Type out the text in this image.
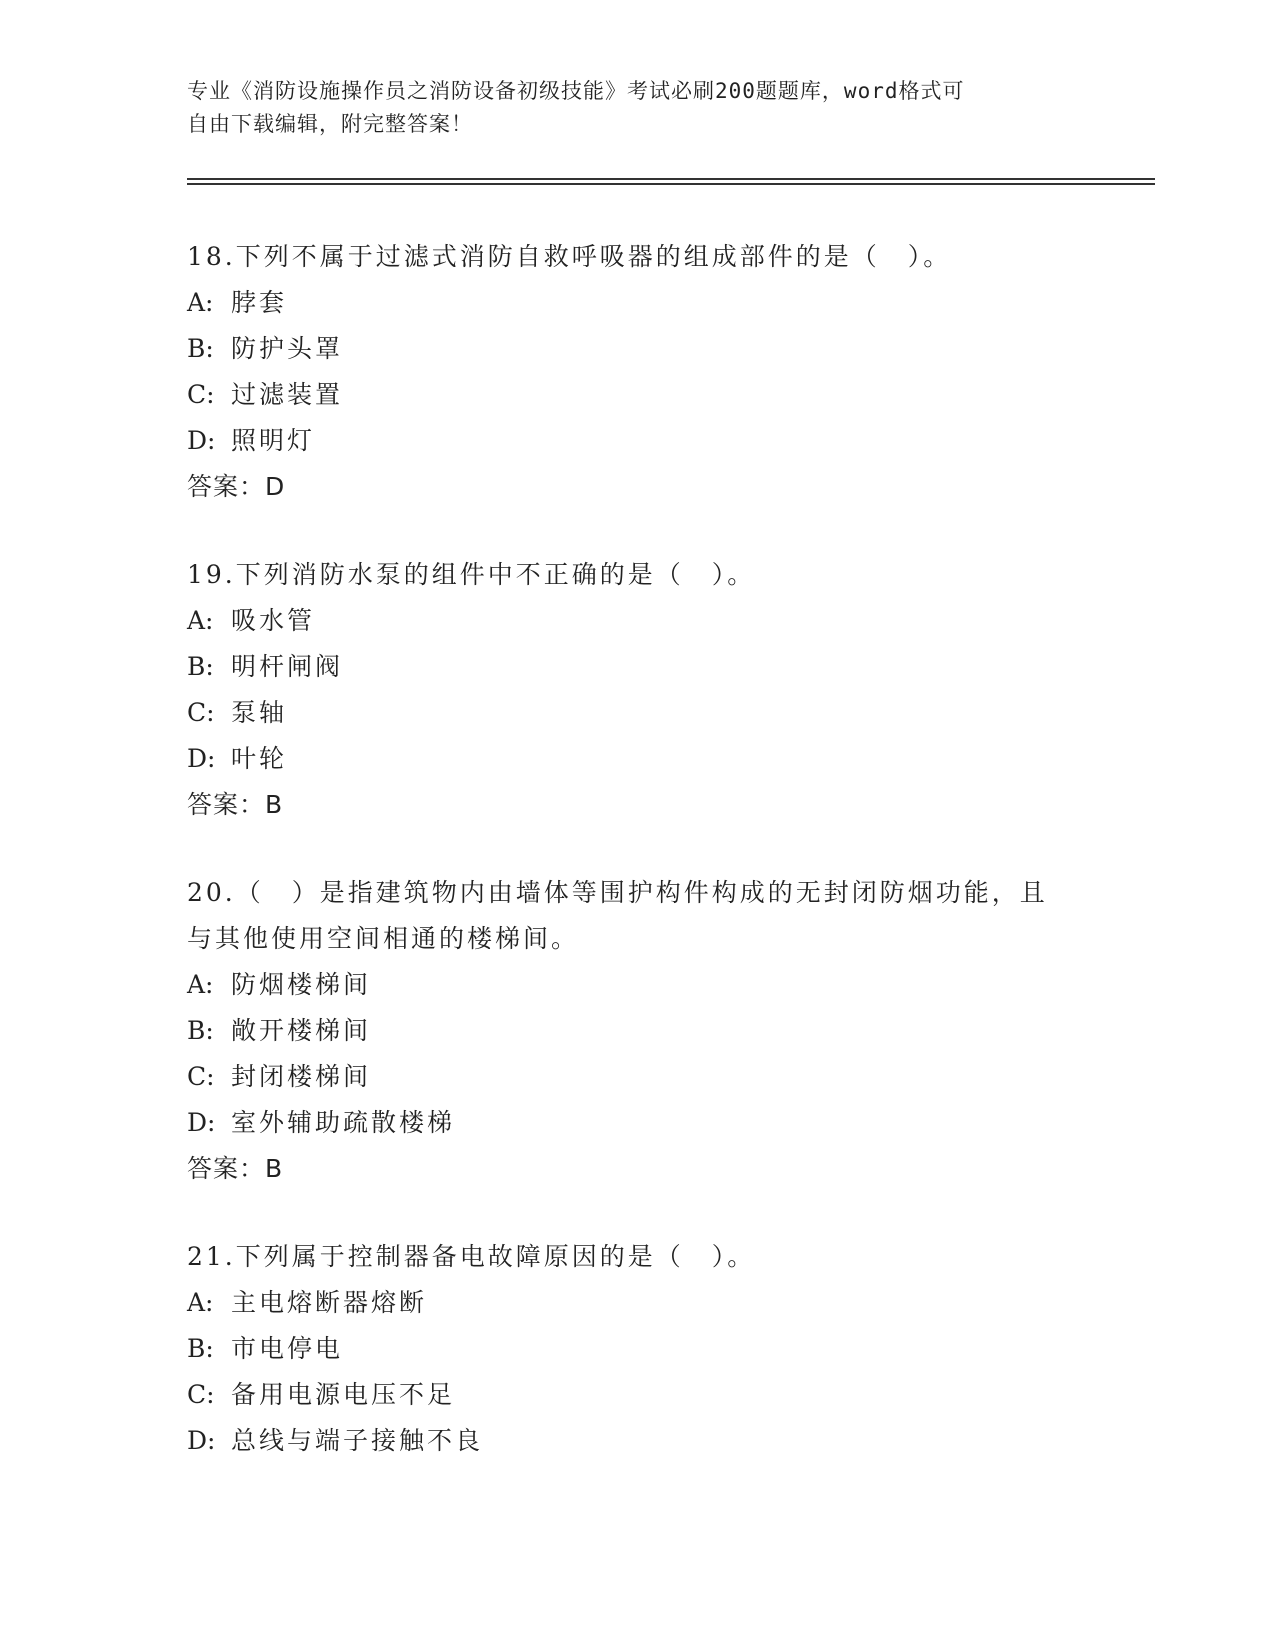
专业《消防设施操作员之消防设备初级技能》考试必刷200题题库，word格式可
自由下载编辑，附完整答案！
18.下列不属于过滤式消防自救呼吸器的组成部件的是（　）。
A: 脖套
B: 防护头罩
C: 过滤装置
D: 照明灯
答案：D
19.下列消防水泵的组件中不正确的是（　）。
A: 吸水管
B: 明杆闸阀
C: 泵轴
D: 叶轮
答案：B
20.（　）是指建筑物内由墙体等围护构件构成的无封闭防烟功能，且
与其他使用空间相通的楼梯间。
A: 防烟楼梯间
B: 敞开楼梯间
C: 封闭楼梯间
D: 室外辅助疏散楼梯
答案：B
21.下列属于控制器备电故障原因的是（　）。
A: 主电熔断器熔断
B: 市电停电
C: 备用电源电压不足
D: 总线与端子接触不良
